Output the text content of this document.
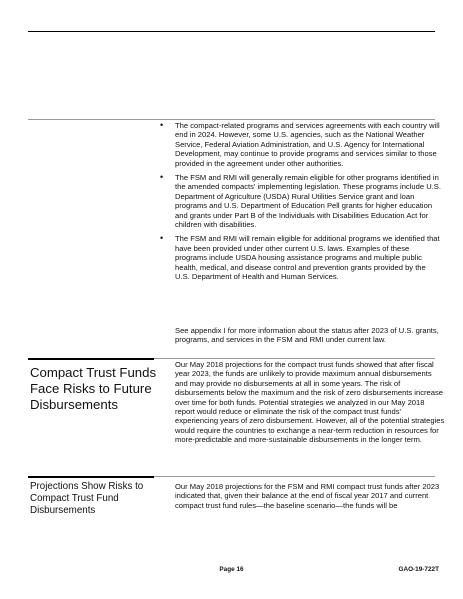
• The compact-related programs and services agreements with each country will end in 2024. However, some U.S. agencies, such as the National Weather Service, Federal Aviation Administration, and U.S. Agency for International Development, may continue to provide programs and services similar to those provided in the agreement under other authorities.
• The FSM and RMI will generally remain eligible for other programs identified in the amended compacts' implementing legislation. These programs include U.S. Department of Agriculture (USDA) Rural Utilities Service grant and loan programs and U.S. Department of Education Pell grants for higher education and grants under Part B of the Individuals with Disabilities Education Act for children with disabilities.
• The FSM and RMI will remain eligible for additional programs we identified that have been provided under other current U.S. laws. Examples of these programs include USDA housing assistance programs and multiple public health, medical, and disease control and prevention grants provided by the U.S. Department of Health and Human Services.

See appendix I for more information about the status after 2023 of U.S. grants, programs, and services in the FSM and RMI under current law.

Compact Trust Funds Face Risks to Future Disbursements

Our May 2018 projections for the compact trust funds showed that after fiscal year 2023, the funds are unlikely to provide maximum annual disbursements and may provide no disbursements at all in some years. The risk of disbursements below the maximum and the risk of zero disbursements increase over time for both funds. Potential strategies we analyzed in our May 2018 report would reduce or eliminate the risk of the compact trust funds' experiencing years of zero disbursement. However, all of the potential strategies would require the countries to exchange a near-term reduction in resources for more-predictable and more-sustainable disbursements in the longer term.

Projections Show Risks to Compact Trust Fund Disbursements

Our May 2018 projections for the FSM and RMI compact trust funds after 2023 indicated that, given their balance at the end of fiscal year 2017 and current compact trust fund rules—the baseline scenario—the funds will be

Page 16	GAO-19-722T
